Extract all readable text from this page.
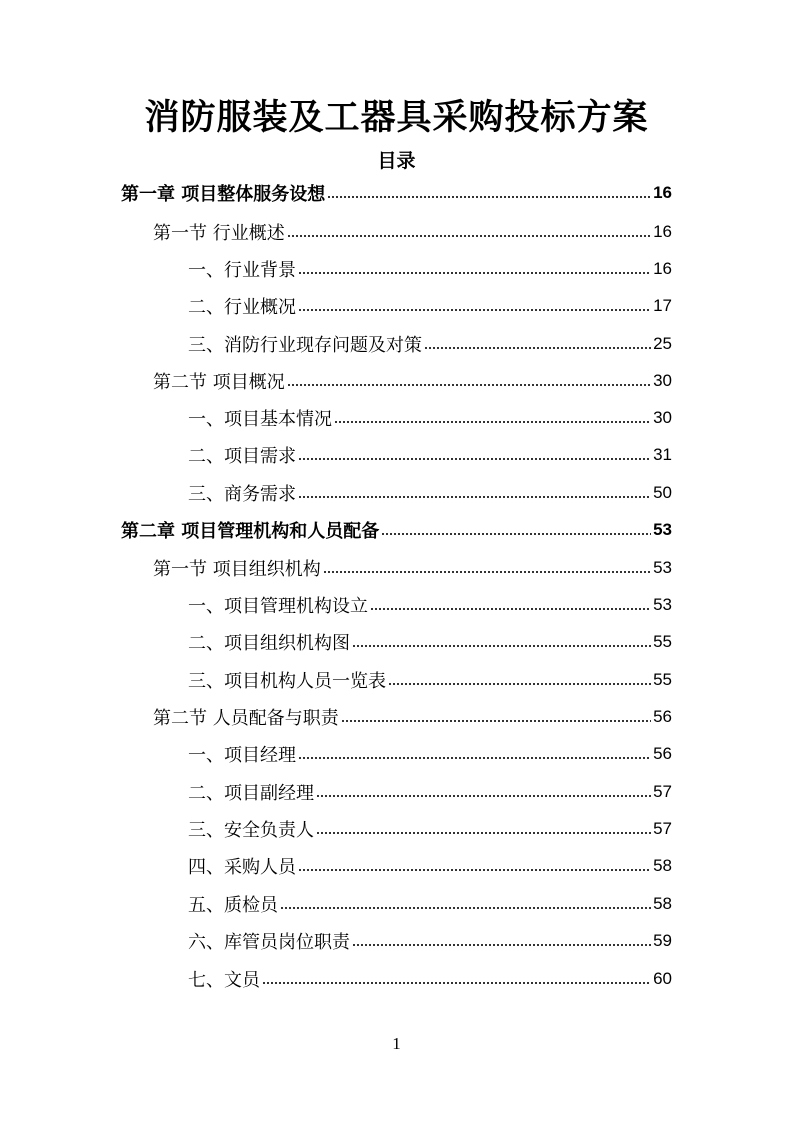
消防服装及工器具采购投标方案
目录
第一章 项目整体服务设想	16
第一节 行业概述	16
一、行业背景	16
二、行业概况	17
三、消防行业现存问题及对策	25
第二节 项目概况	30
一、项目基本情况	30
二、项目需求	31
三、商务需求	50
第二章 项目管理机构和人员配备	53
第一节 项目组织机构	53
一、项目管理机构设立	53
二、项目组织机构图	55
三、项目机构人员一览表	55
第二节 人员配备与职责	56
一、项目经理	56
二、项目副经理	57
三、安全负责人	57
四、采购人员	58
五、质检员	58
六、库管员岗位职责	59
七、文员	60
1
